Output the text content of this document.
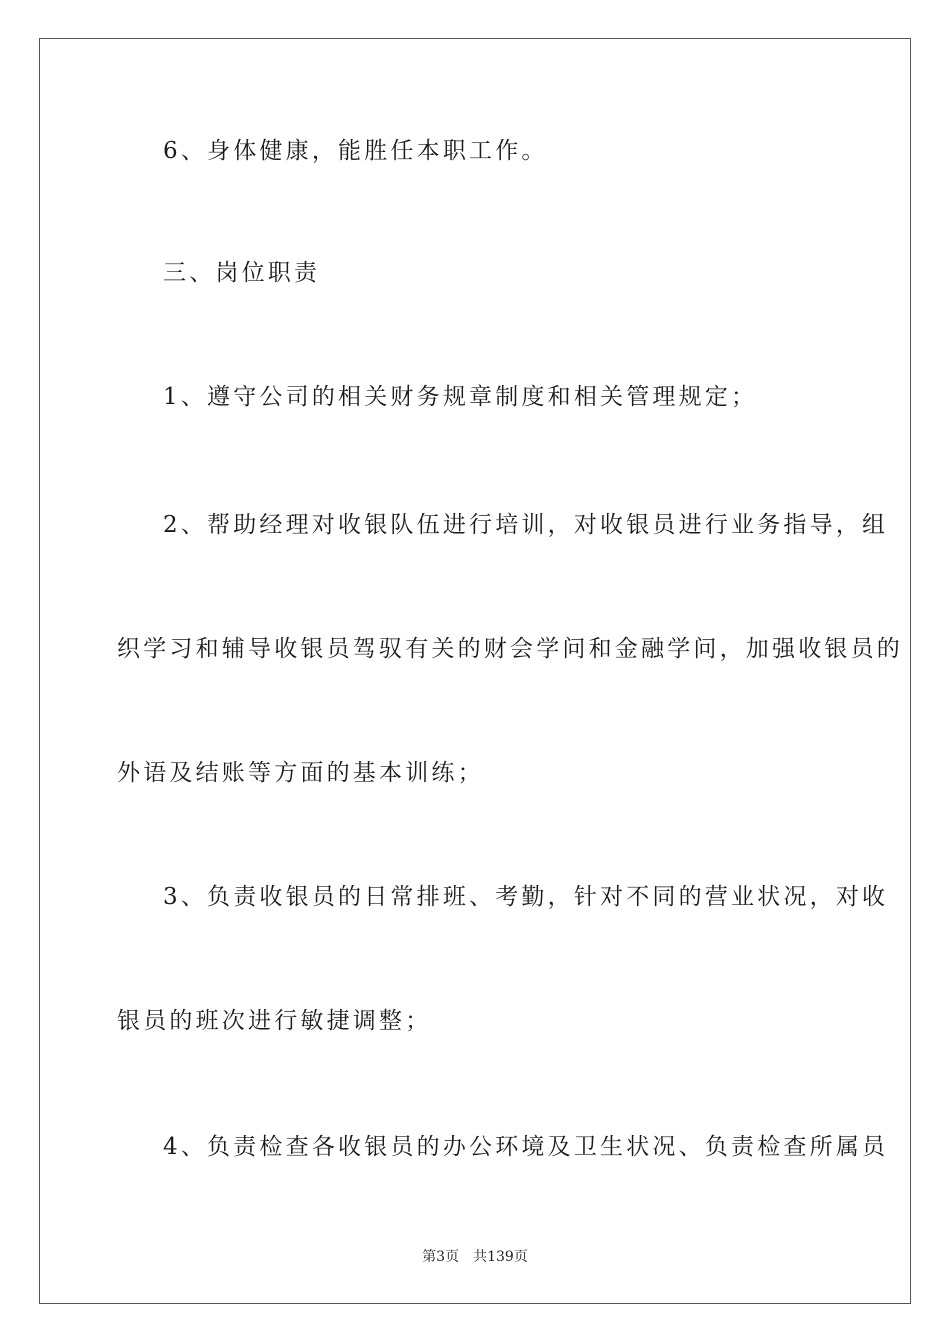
6、身体健康，能胜任本职工作。
三、岗位职责
1、遵守公司的相关财务规章制度和相关管理规定；
2、帮助经理对收银队伍进行培训，对收银员进行业务指导，组
织学习和辅导收银员驾驭有关的财会学问和金融学问，加强收银员的
外语及结账等方面的基本训练；
3、负责收银员的日常排班、考勤，针对不同的营业状况，对收
银员的班次进行敏捷调整；
4、负责检查各收银员的办公环境及卫生状况、负责检查所属员
第3页 共139页
